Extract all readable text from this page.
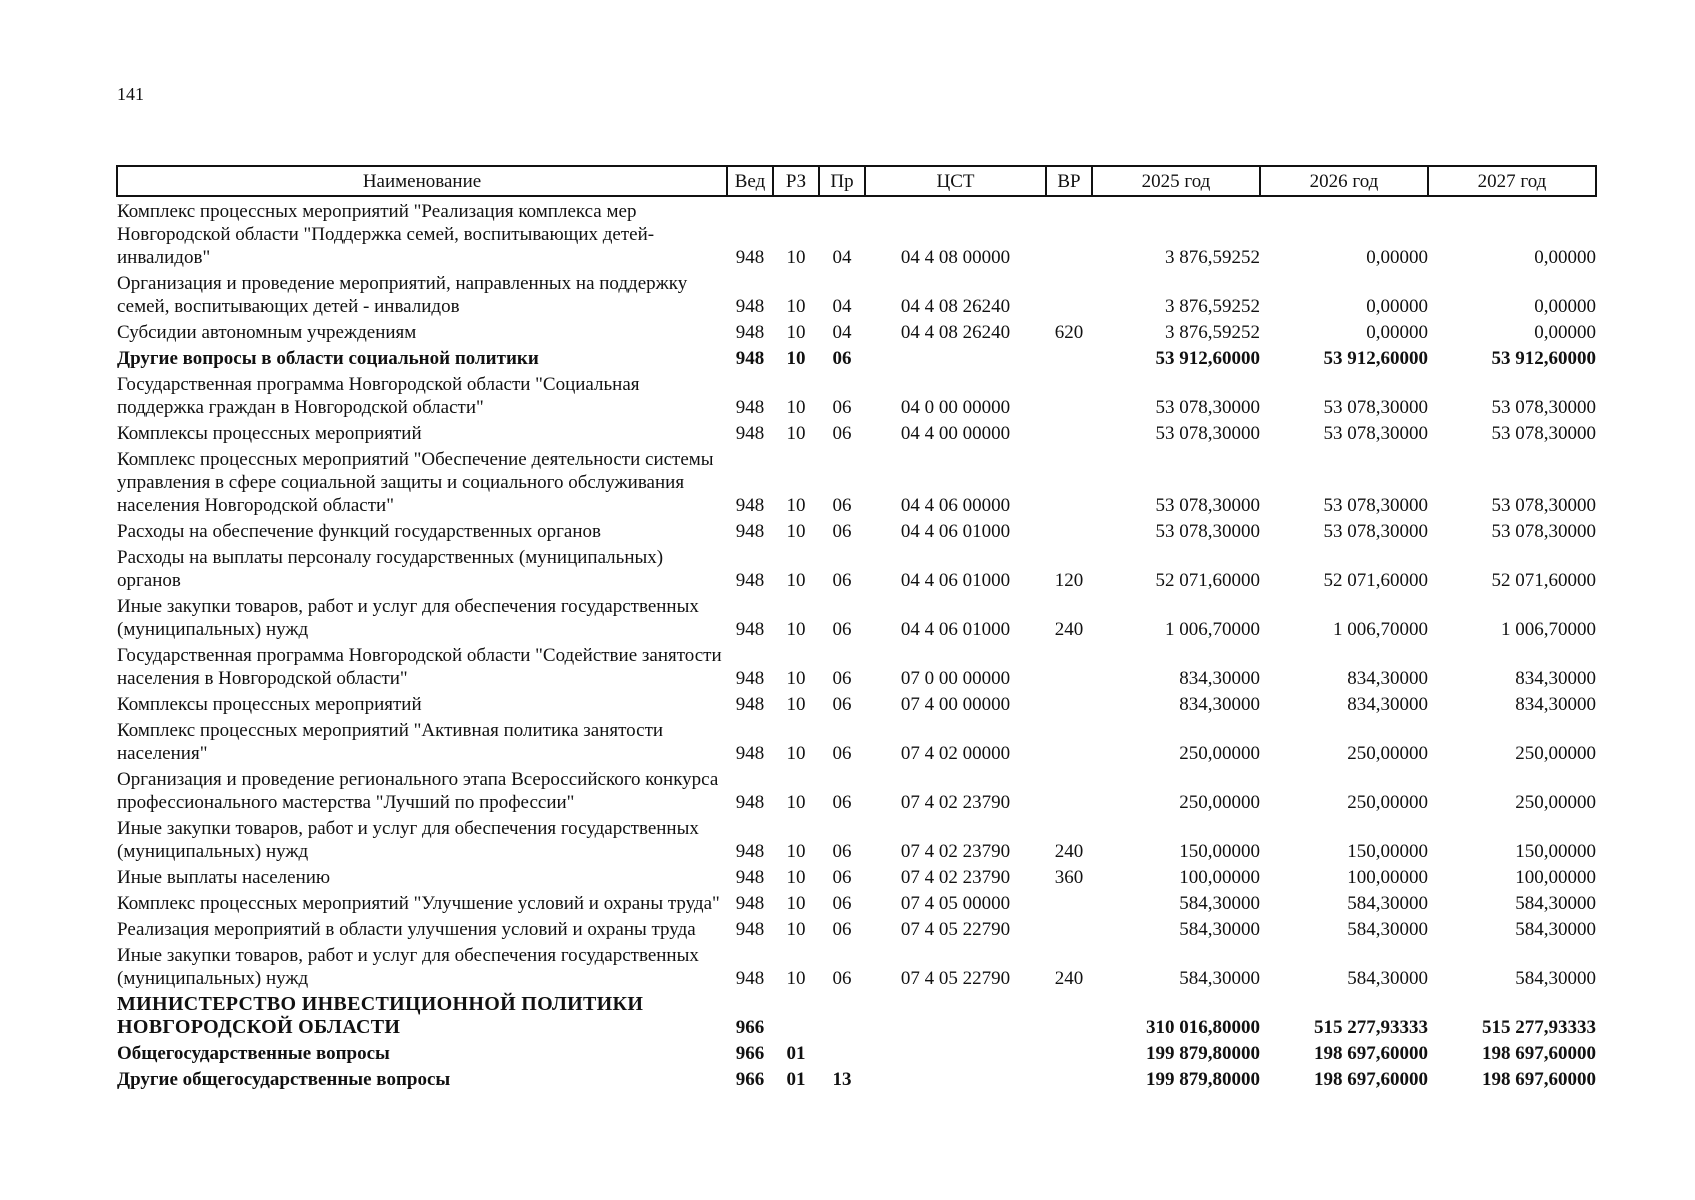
141
Наименование	Вед	РЗ	Пр	ЦСТ	ВР	2025 год	2026 год	2027 год
Комплекс процессных мероприятий "Реализация комплекса мер Новгородской области "Поддержка семей, воспитывающих детей-инвалидов"	948	10	04	04 4 08 00000		3 876,59252	0,00000	0,00000
Организация и проведение мероприятий, направленных на поддержку семей, воспитывающих детей - инвалидов	948	10	04	04 4 08 26240		3 876,59252	0,00000	0,00000
Субсидии автономным учреждениям	948	10	04	04 4 08 26240	620	3 876,59252	0,00000	0,00000
Другие вопросы в области социальной политики	948	10	06			53 912,60000	53 912,60000	53 912,60000
Государственная программа Новгородской области "Социальная поддержка граждан в Новгородской области"	948	10	06	04 0 00 00000		53 078,30000	53 078,30000	53 078,30000
Комплексы процессных мероприятий	948	10	06	04 4 00 00000		53 078,30000	53 078,30000	53 078,30000
Комплекс процессных мероприятий "Обеспечение деятельности системы управления в сфере социальной защиты и социального обслуживания населения Новгородской области"	948	10	06	04 4 06 00000		53 078,30000	53 078,30000	53 078,30000
Расходы на обеспечение функций государственных органов	948	10	06	04 4 06 01000		53 078,30000	53 078,30000	53 078,30000
Расходы на выплаты персоналу государственных (муниципальных) органов	948	10	06	04 4 06 01000	120	52 071,60000	52 071,60000	52 071,60000
Иные закупки товаров, работ и услуг для обеспечения государственных (муниципальных) нужд	948	10	06	04 4 06 01000	240	1 006,70000	1 006,70000	1 006,70000
Государственная программа Новгородской области "Содействие занятости населения в Новгородской области"	948	10	06	07 0 00 00000		834,30000	834,30000	834,30000
Комплексы процессных мероприятий	948	10	06	07 4 00 00000		834,30000	834,30000	834,30000
Комплекс процессных мероприятий "Активная политика занятости населения"	948	10	06	07 4 02 00000		250,00000	250,00000	250,00000
Организация и проведение регионального этапа Всероссийского конкурса профессионального мастерства "Лучший по профессии"	948	10	06	07 4 02 23790		250,00000	250,00000	250,00000
Иные закупки товаров, работ и услуг для обеспечения государственных (муниципальных) нужд	948	10	06	07 4 02 23790	240	150,00000	150,00000	150,00000
Иные выплаты населению	948	10	06	07 4 02 23790	360	100,00000	100,00000	100,00000
Комплекс процессных мероприятий "Улучшение условий и охраны труда"	948	10	06	07 4 05 00000		584,30000	584,30000	584,30000
Реализация мероприятий в области улучшения условий и охраны труда	948	10	06	07 4 05 22790		584,30000	584,30000	584,30000
Иные закупки товаров, работ и услуг для обеспечения государственных (муниципальных) нужд	948	10	06	07 4 05 22790	240	584,30000	584,30000	584,30000
МИНИСТЕРСТВО ИНВЕСТИЦИОННОЙ ПОЛИТИКИ НОВГОРОДСКОЙ ОБЛАСТИ	966					310 016,80000	515 277,93333	515 277,93333
Общегосударственные вопросы	966	01				199 879,80000	198 697,60000	198 697,60000
Другие общегосударственные вопросы	966	01	13			199 879,80000	198 697,60000	198 697,60000
